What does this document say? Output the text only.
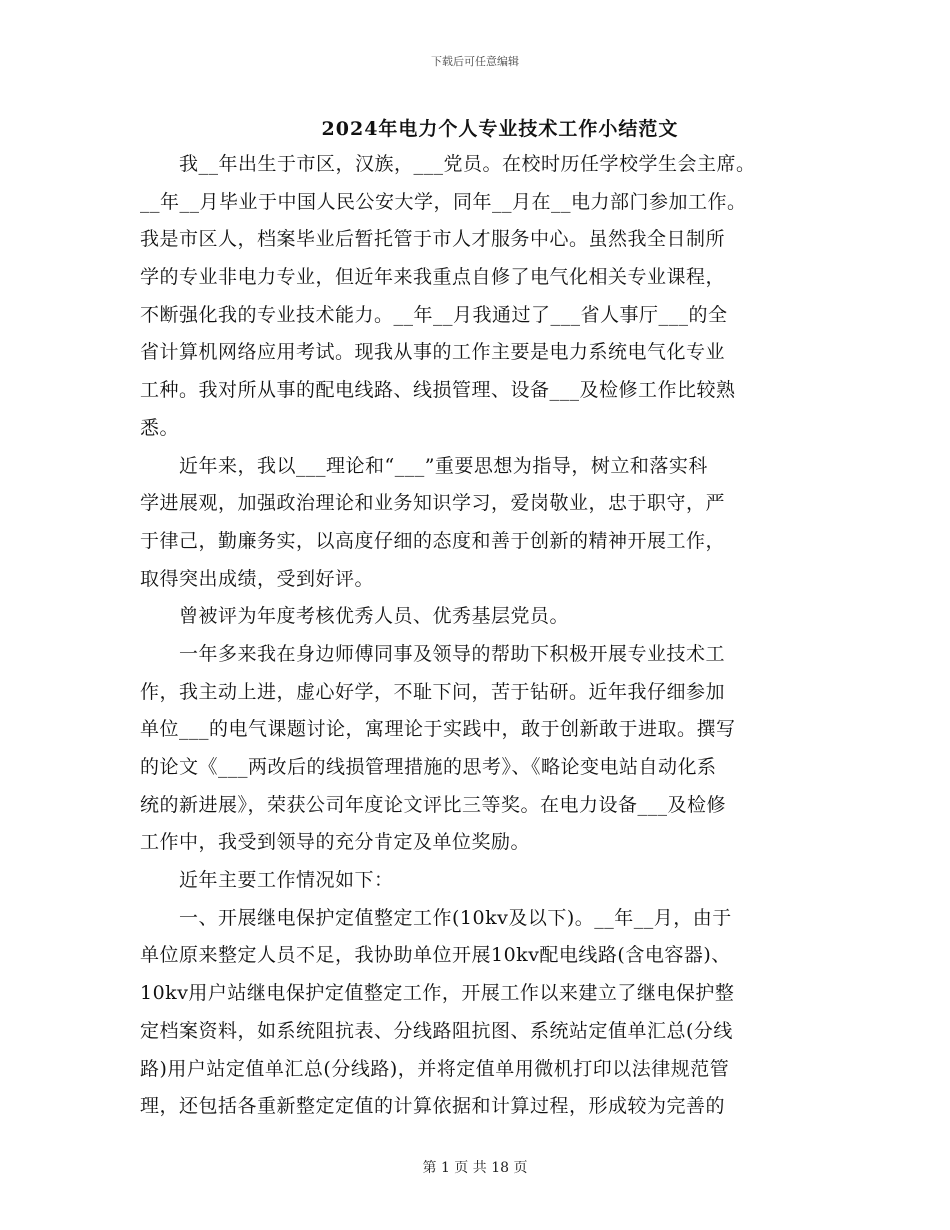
下载后可任意编辑
2024年电力个人专业技术工作小结范文
　　我__年出生于市区，汉族，___党员。在校时历任学校学生会主席。
__年__月毕业于中国人民公安大学，同年__月在__电力部门参加工作。
我是市区人，档案毕业后暂托管于市人才服务中心。虽然我全日制所
学的专业非电力专业，但近年来我重点自修了电气化相关专业课程，
不断强化我的专业技术能力。__年__月我通过了___省人事厅___的全
省计算机网络应用考试。现我从事的工作主要是电力系统电气化专业
工种。我对所从事的配电线路、线损管理、设备___及检修工作比较熟
悉。
　　近年来，我以___理论和“___”重要思想为指导，树立和落实科
学进展观，加强政治理论和业务知识学习，爱岗敬业，忠于职守，严
于律己，勤廉务实，以高度仔细的态度和善于创新的精神开展工作，
取得突出成绩，受到好评。
　　曾被评为年度考核优秀人员、优秀基层党员。
　　一年多来我在身边师傅同事及领导的帮助下积极开展专业技术工
作，我主动上进，虚心好学，不耻下问，苦于钻研。近年我仔细参加
单位___的电气课题讨论，寓理论于实践中，敢于创新敢于进取。撰写
的论文《___两改后的线损管理措施的思考》、《略论变电站自动化系
统的新进展》，荣获公司年度论文评比三等奖。在电力设备___及检修
工作中，我受到领导的充分肯定及单位奖励。
　　近年主要工作情况如下：
　　一、开展继电保护定值整定工作(10kv及以下)。__年__月，由于
单位原来整定人员不足，我协助单位开展10kv配电线路(含电容器)、
10kv用户站继电保护定值整定工作，开展工作以来建立了继电保护整
定档案资料，如系统阻抗表、分线路阻抗图、系统站定值单汇总(分线
路)用户站定值单汇总(分线路)，并将定值单用微机打印以法律规范管
理，还包括各重新整定定值的计算依据和计算过程，形成较为完善的
第 1 页 共 18 页
